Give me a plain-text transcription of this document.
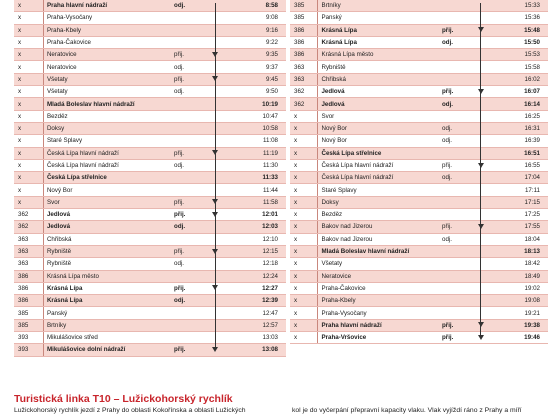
x	Praha hlavní nádraží	odj.		8:58
x	Praha-Vysočany			9:08
x	Praha-Kbely			9:16
x	Praha-Čakovice			9:22
x	Neratovice	přij.		9:35
x	Neratovice	odj.		9:37
x	Všetaty	přij.		9:45
x	Všetaty	odj.		9:50
x	Mladá Boleslav hlavní nádraží			10:19
x	Bezděz			10:47
x	Doksy			10:58
x	Staré Splavy			11:08
x	Česká Lípa hlavní nádraží	přij.		11:19
x	Česká Lípa hlavní nádraží	odj.		11:30
x	Česká Lípa střelnice			11:33
x	Nový Bor			11:44
x	Svor	přij.		11:58
362	Jedlová	přij.		12:01
362	Jedlová	odj.		12:03
363	Chřibská			12:10
363	Rybniště	přij.		12:15
363	Rybniště	odj.		12:18
386	Krásná Lípa město			12:24
386	Krásná Lípa	přij.		12:27
386	Krásná Lípa	odj.		12:39
385	Panský			12:47
385	Brtníky			12:57
393	Mikulášovice střed			13:03
393	Mikulášovice dolní nádraží	přij.		13:08
385	Brtníky			15:33
385	Panský			15:36
386	Krásná Lípa	přij.		15:48
386	Krásná Lípa	odj.		15:50
386	Krásná Lípa město			15:53
363	Rybniště			15:58
363	Chřibská			16:02
362	Jedlová	přij.		16:07
362	Jedlová	odj.		16:14
x	Svor			16:25
x	Nový Bor	odj.		16:31
x	Nový Bor	odj.		16:39
x	Česká Lípa střelnice			16:51
x	Česká Lípa hlavní nádraží	přij.		16:55
x	Česká Lípa hlavní nádraží	odj.		17:04
x	Staré Splavy			17:11
x	Doksy			17:15
x	Bezděz			17:25
x	Bakov nad Jizerou	přij.		17:55
x	Bakov nad Jizerou	odj.		18:04
x	Mladá Boleslav hlavní nádraží			18:13
x	Všetaty			18:42
x	Neratovice			18:49
x	Praha-Čakovice			19:02
x	Praha-Kbely			19:08
x	Praha-Vysočany			19:21
x	Praha hlavní nádraží	přij.		19:38
x	Praha-Vršovice	přij.		19:46
Turistická linka T10 – Lužickohorský rychlík

Lužickohorský rychlík jezdí z Prahy do oblasti Kokořínska a oblasti Lužických	kol je do vyčerpání přepravní kapacity vlaku. Vlak vyjíždí ráno z Prahy a míří
